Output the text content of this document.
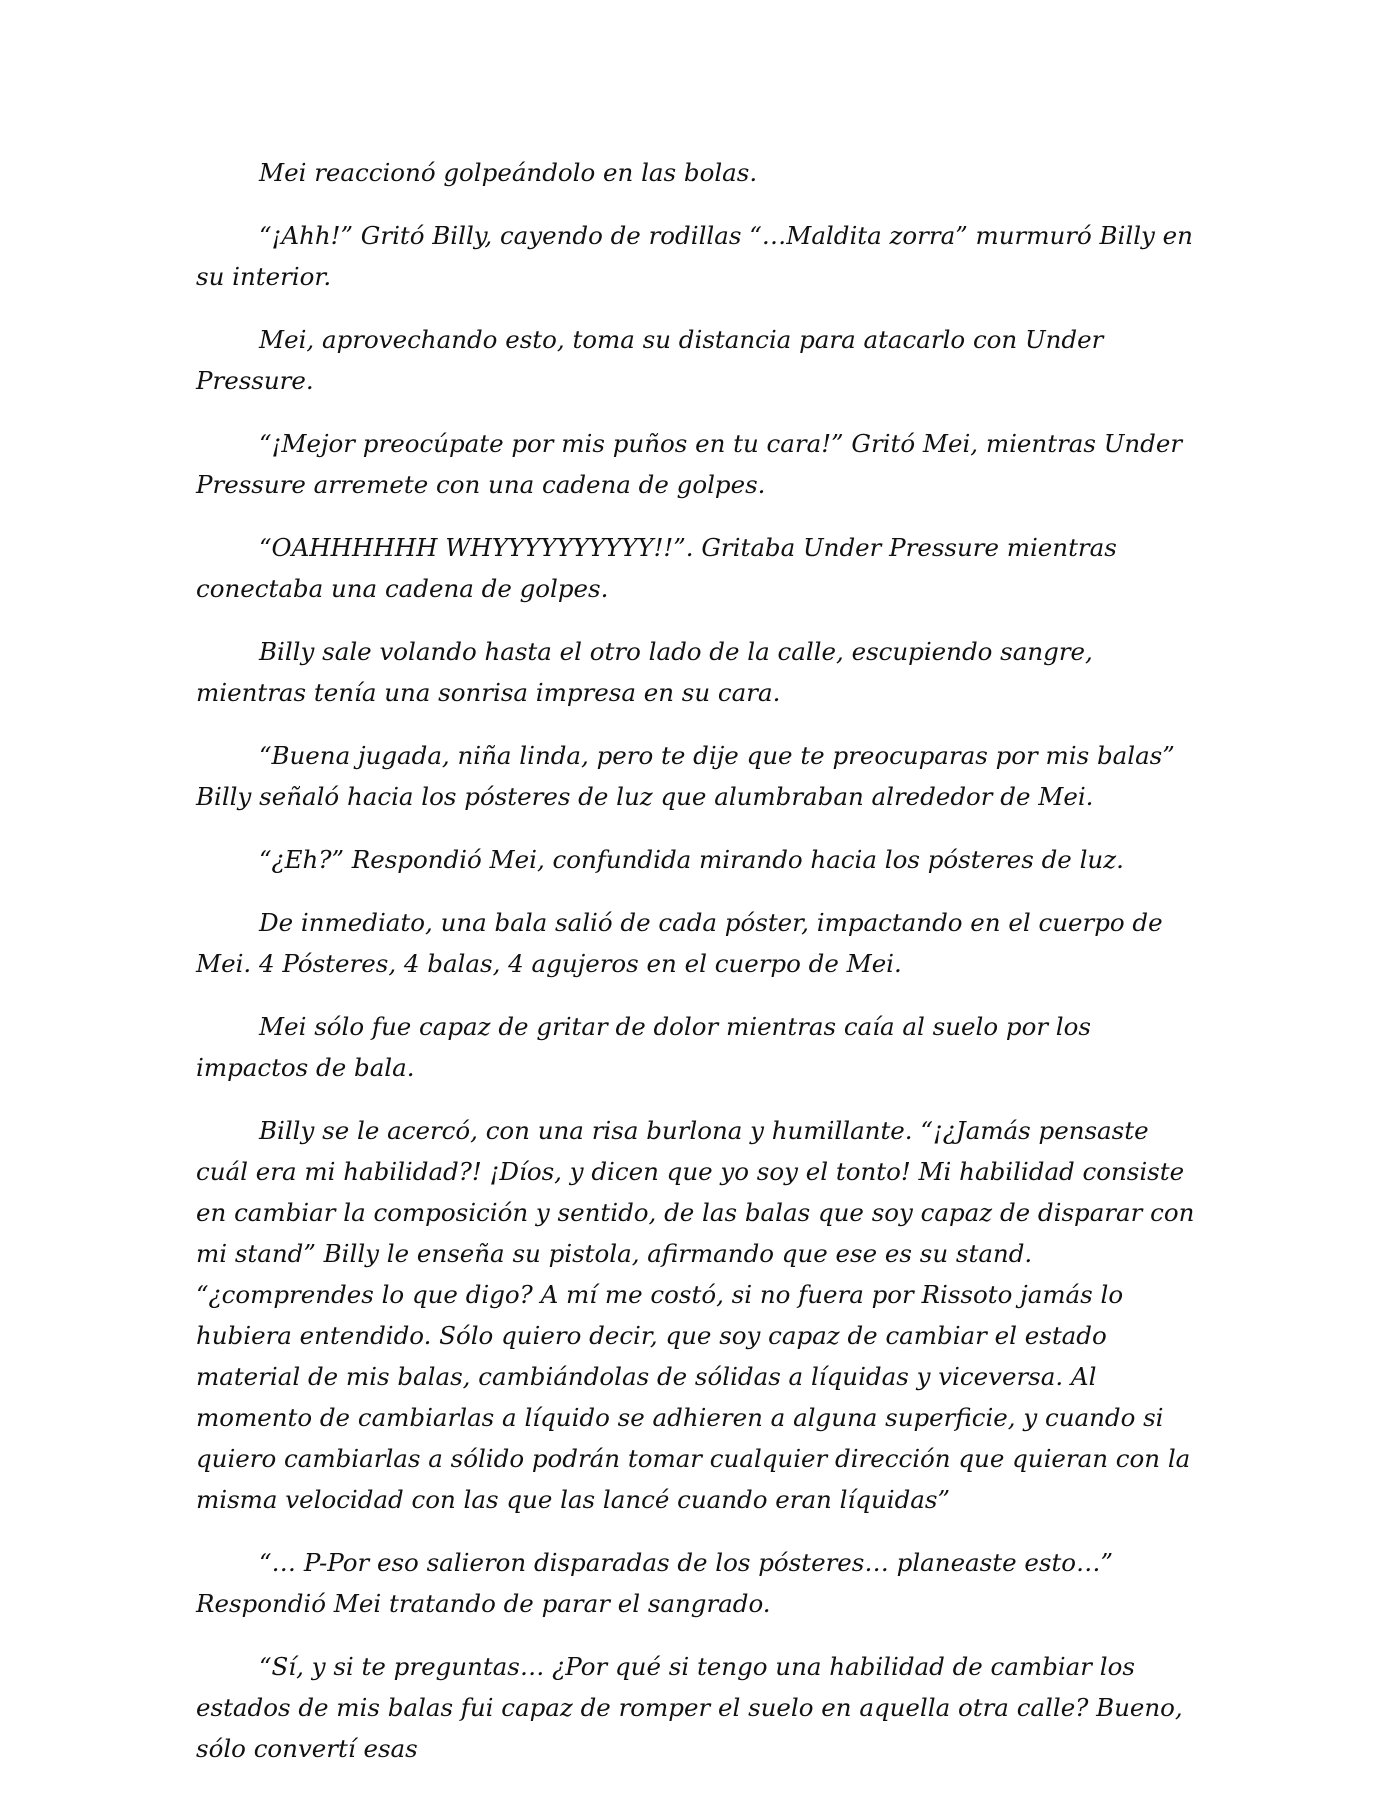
Mei reaccionó golpeándolo en las bolas.

“¡Ahh!” Gritó Billy, cayendo de rodillas “…Maldita zorra” murmuró Billy en su interior.

Mei, aprovechando esto, toma su distancia para atacarlo con Under Pressure.

“¡Mejor preocúpate por mis puños en tu cara!” Gritó Mei, mientras Under Pressure arremete con una cadena de golpes.

“OAHHHHHH WHYYYYYYYYYY!!”. Gritaba Under Pressure mientras conectaba una cadena de golpes.

Billy sale volando hasta el otro lado de la calle, escupiendo sangre, mientras tenía una sonrisa impresa en su cara.

“Buena jugada, niña linda, pero te dije que te preocuparas por mis balas” Billy señaló hacia los pósteres de luz que alumbraban alrededor de Mei.

“¿Eh?” Respondió Mei, confundida mirando hacia los pósteres de luz.

De inmediato, una bala salió de cada póster, impactando en el cuerpo de Mei. 4 Pósteres, 4 balas, 4 agujeros en el cuerpo de Mei.

Mei sólo fue capaz de gritar de dolor mientras caía al suelo por los impactos de bala.

Billy se le acercó, con una risa burlona y humillante. “¡¿Jamás pensaste cuál era mi habilidad?! ¡Díos, y dicen que yo soy el tonto! Mi habilidad consiste en cambiar la composición y sentido, de las balas que soy capaz de disparar con mi stand” Billy le enseña su pistola, afirmando que ese es su stand. “¿comprendes lo que digo? A mí me costó, si no fuera por Rissoto jamás lo hubiera entendido. Sólo quiero decir, que soy capaz de cambiar el estado material de mis balas, cambiándolas de sólidas a líquidas y viceversa. Al momento de cambiarlas a líquido se adhieren a alguna superficie, y cuando si quiero cambiarlas a sólido podrán tomar cualquier dirección que quieran con la misma velocidad con las que las lancé cuando eran líquidas”

“… P-Por eso salieron disparadas de los pósteres… planeaste esto…” Respondió Mei tratando de parar el sangrado.

“Sí, y si te preguntas… ¿Por qué si tengo una habilidad de cambiar los estados de mis balas fui capaz de romper el suelo en aquella otra calle? Bueno, sólo convertí esas
